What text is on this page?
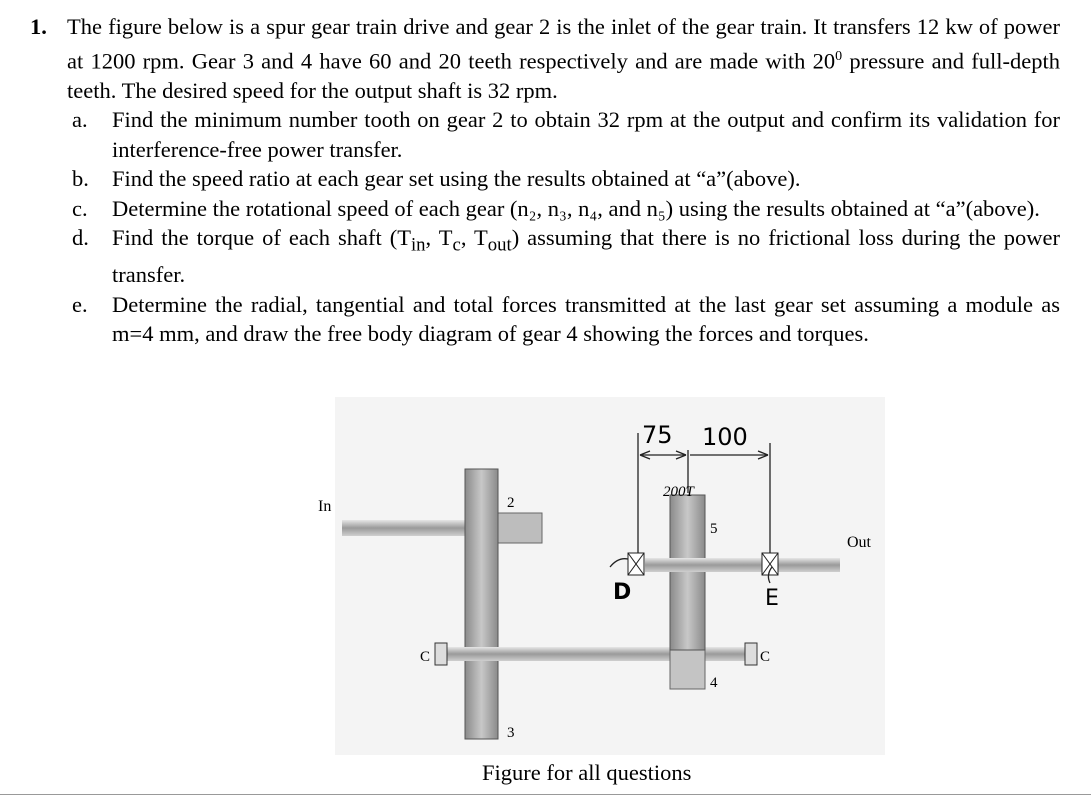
1. The figure below is a spur gear train drive and gear 2 is the inlet of the gear train. It transfers 12 kw of power at 1200 rpm. Gear 3 and 4 have 60 and 20 teeth respectively and are made with $20^0$ pressure and full-depth teeth. The desired speed for the output shaft is 32 rpm.
a.	Find the minimum number tooth on gear 2 to obtain 32 rpm at the output and confirm its validation for interference-free power transfer.
b.	Find the speed ratio at each gear set using the results obtained at “a”(above).
c.	Determine the rotational speed of each gear (n₂, n₃, n₄, and n₅) using the results obtained at “a”(above).
d.	Find the torque of each shaft ($T_{in}$, $T_c$, $T_{out}$) assuming that there is no frictional loss during the power transfer.
e.	Determine the radial, tangential and total forces transmitted at the last gear set assuming a module as m=4 mm, and draw the free body diagram of gear 4 showing the forces and torques.
In
Out
2
3
4
5
C	C
D	E
75 100
200T
Figure for all questions
